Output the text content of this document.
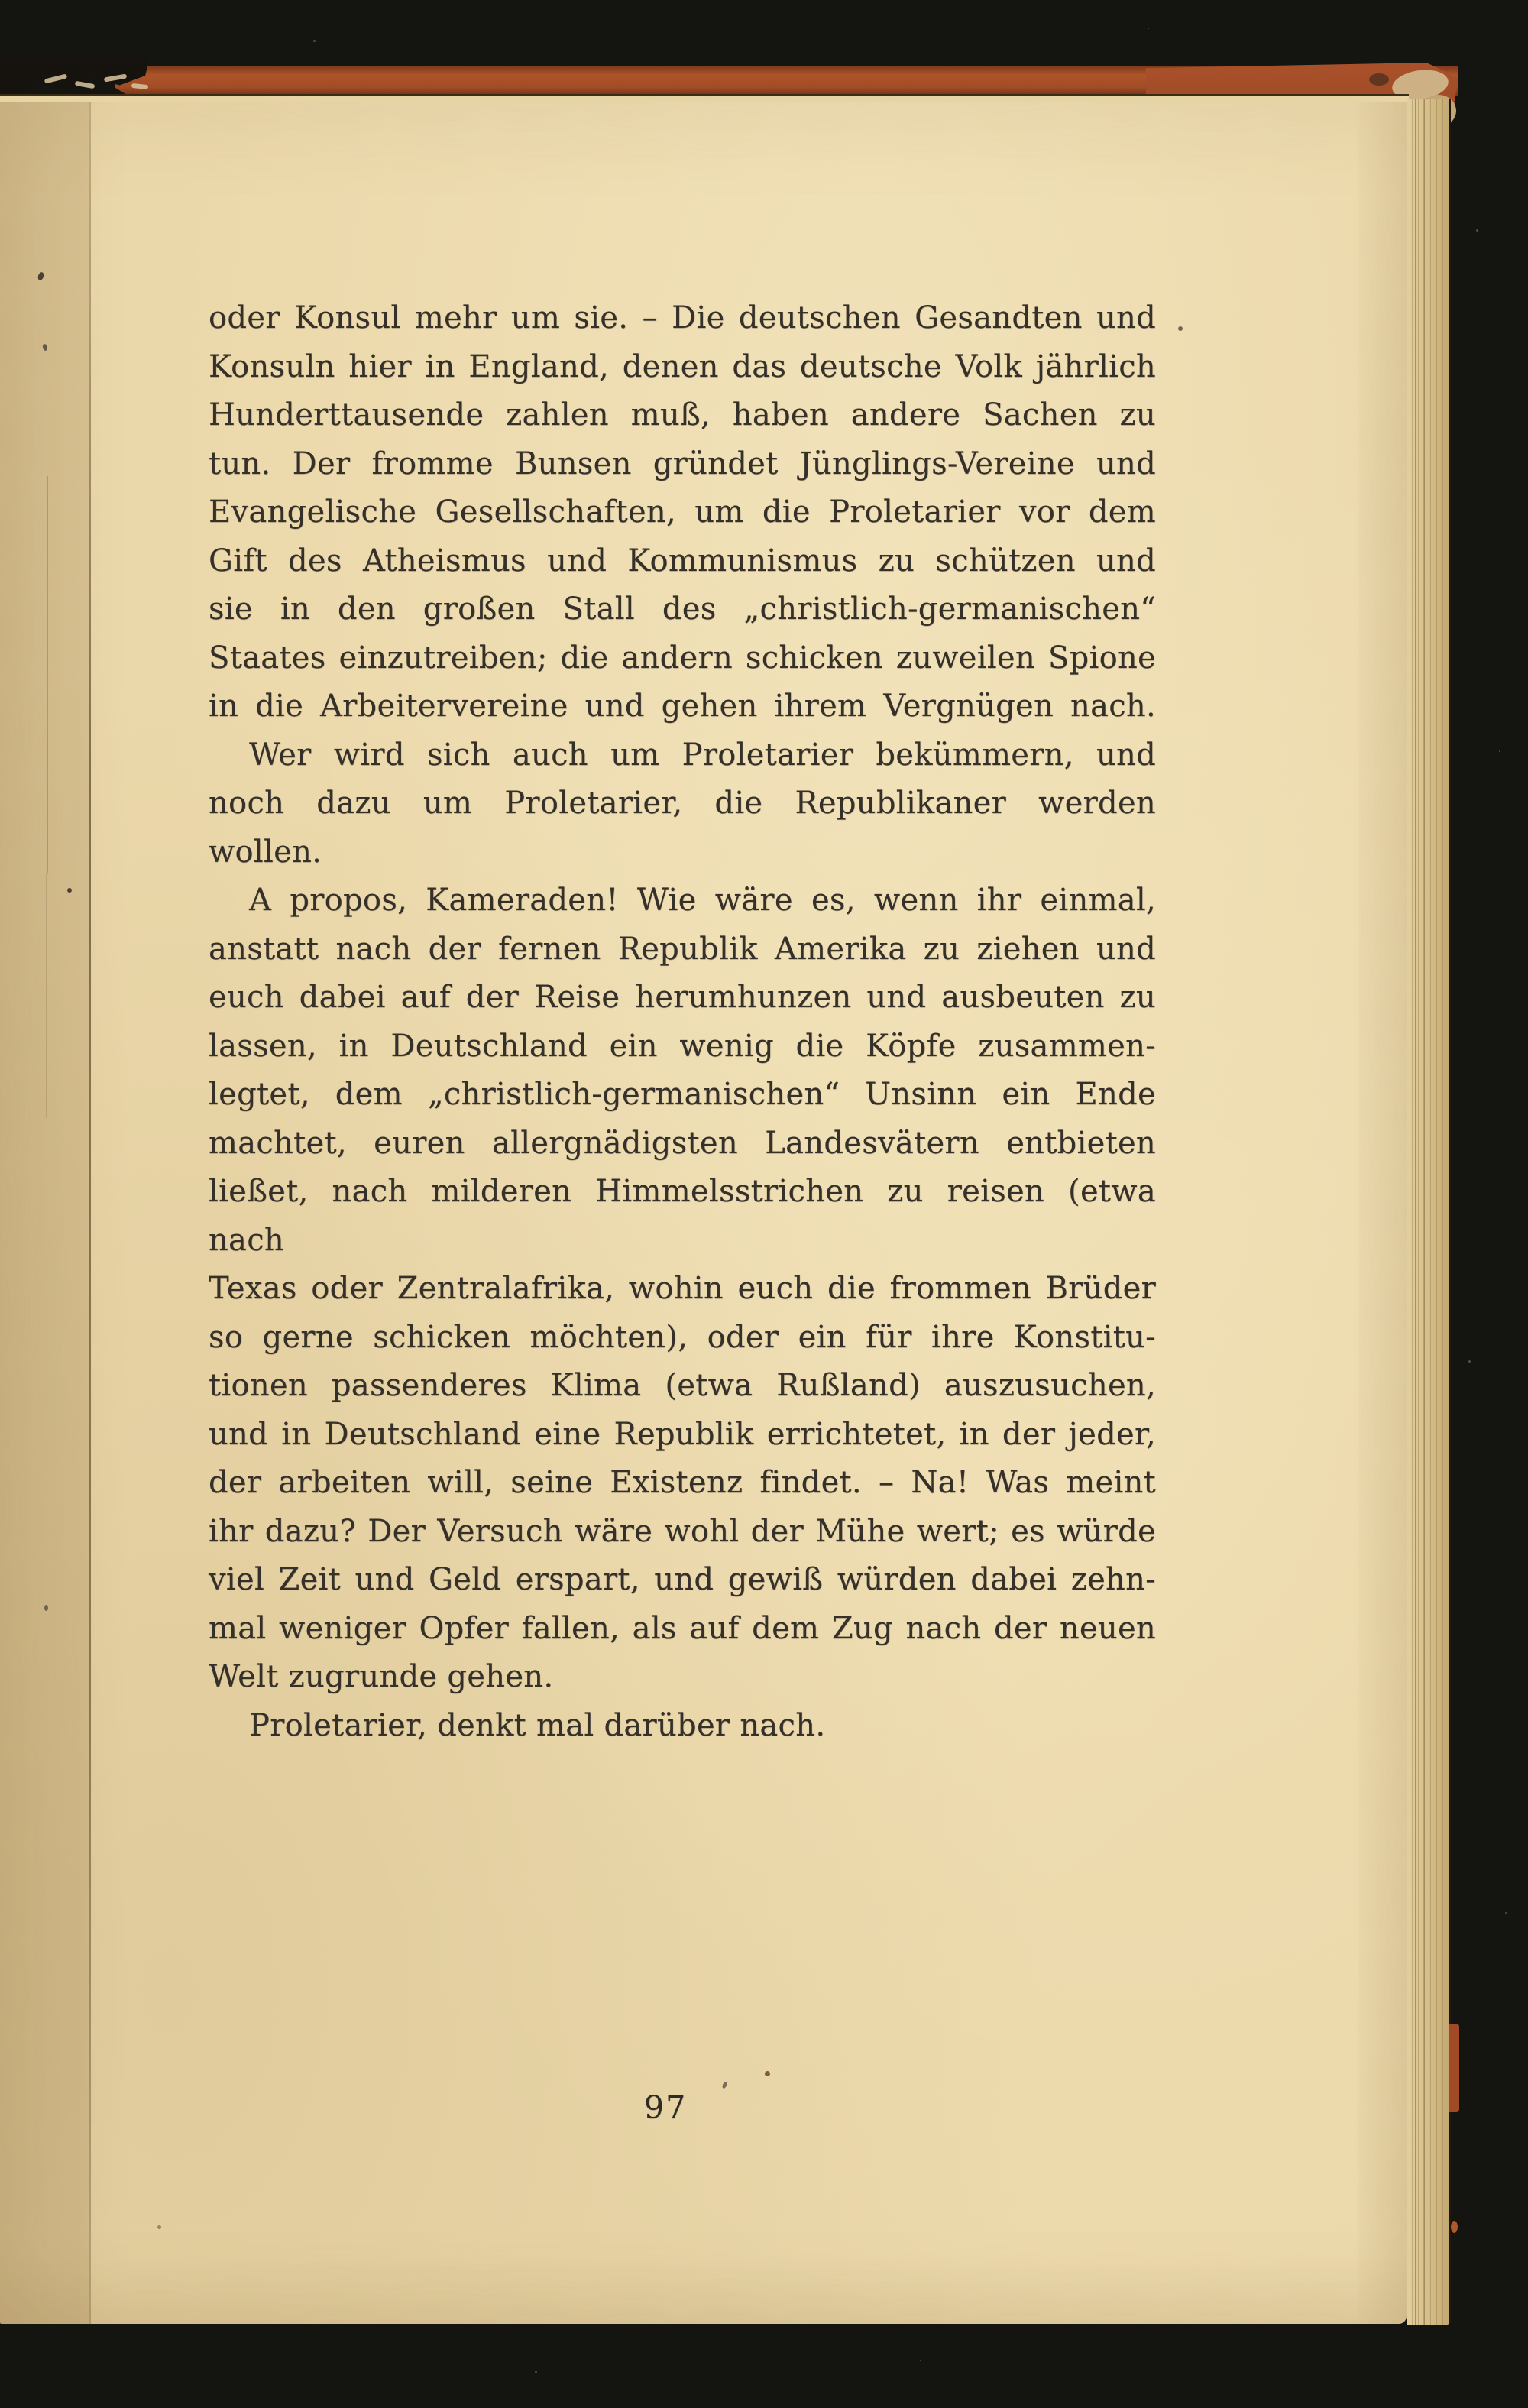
oder Konsul mehr um sie. – Die deutschen Gesandten und
Konsuln hier in England, denen das deutsche Volk jährlich
Hunderttausende zahlen muß, haben andere Sachen zu
tun. Der fromme Bunsen gründet Jünglings-Vereine und
Evangelische Gesellschaften, um die Proletarier vor dem
Gift des Atheismus und Kommunismus zu schützen und
sie in den großen Stall des „christlich-germanischen“
Staates einzutreiben; die andern schicken zuweilen Spione
in die Arbeitervereine und gehen ihrem Vergnügen nach.
Wer wird sich auch um Proletarier bekümmern, und
noch dazu um Proletarier, die Republikaner werden
wollen.
A propos, Kameraden! Wie wäre es, wenn ihr einmal,
anstatt nach der fernen Republik Amerika zu ziehen und
euch dabei auf der Reise herumhunzen und ausbeuten zu
lassen, in Deutschland ein wenig die Köpfe zusammen-
legtet, dem „christlich-germanischen“ Unsinn ein Ende
machtet, euren allergnädigsten Landesvätern entbieten
ließet, nach milderen Himmelsstrichen zu reisen (etwa nach
Texas oder Zentralafrika, wohin euch die frommen Brüder
so gerne schicken möchten), oder ein für ihre Konstitu-
tionen passenderes Klima (etwa Rußland) auszusuchen,
und in Deutschland eine Republik errichtetet, in der jeder,
der arbeiten will, seine Existenz findet. – Na! Was meint
ihr dazu? Der Versuch wäre wohl der Mühe wert; es würde
viel Zeit und Geld erspart, und gewiß würden dabei zehn-
mal weniger Opfer fallen, als auf dem Zug nach der neuen
Welt zugrunde gehen.
Proletarier, denkt mal darüber nach.
97
